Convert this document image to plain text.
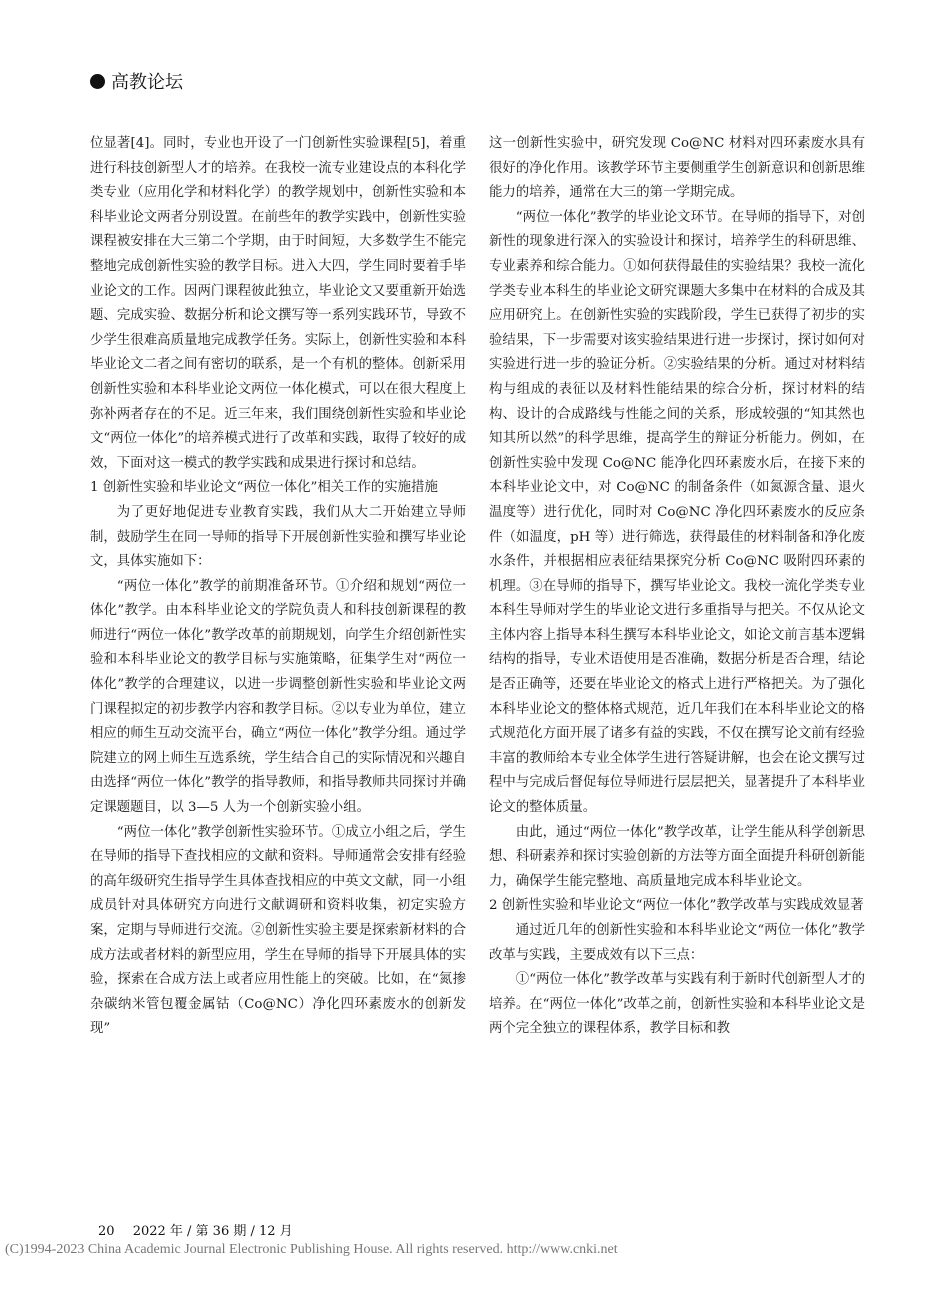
高教论坛

位显著[4]。同时，专业也开设了一门创新性实验课程[5]，着重进行科技创新型人才的培养。在我校一流专业建设点的本科化学类专业（应用化学和材料化学）的教学规划中，创新性实验和本科毕业论文两者分别设置。在前些年的教学实践中，创新性实验课程被安排在大三第二个学期，由于时间短，大多数学生不能完整地完成创新性实验的教学目标。进入大四，学生同时要着手毕业论文的工作。因两门课程彼此独立，毕业论文又要重新开始选题、完成实验、数据分析和论文撰写等一系列实践环节，导致不少学生很难高质量地完成教学任务。实际上，创新性实验和本科毕业论文二者之间有密切的联系，是一个有机的整体。创新采用创新性实验和本科毕业论文两位一体化模式，可以在很大程度上弥补两者存在的不足。近三年来，我们围绕创新性实验和毕业论文“两位一体化”的培养模式进行了改革和实践，取得了较好的成效，下面对这一模式的教学实践和成果进行探讨和总结。

1 创新性实验和毕业论文“两位一体化”相关工作的实施措施

为了更好地促进专业教育实践，我们从大二开始建立导师制，鼓励学生在同一导师的指导下开展创新性实验和撰写毕业论文，具体实施如下：

“两位一体化”教学的前期准备环节。①介绍和规划“两位一体化”教学。由本科毕业论文的学院负责人和科技创新课程的教师进行“两位一体化”教学改革的前期规划，向学生介绍创新性实验和本科毕业论文的教学目标与实施策略，征集学生对“两位一体化”教学的合理建议，以进一步调整创新性实验和毕业论文两门课程拟定的初步教学内容和教学目标。②以专业为单位，建立相应的师生互动交流平台，确立“两位一体化”教学分组。通过学院建立的网上师生互选系统，学生结合自己的实际情况和兴趣自由选择“两位一体化”教学的指导教师，和指导教师共同探讨并确定课题题目，以 3—5 人为一个创新实验小组。

“两位一体化”教学创新性实验环节。①成立小组之后，学生在导师的指导下查找相应的文献和资料。导师通常会安排有经验的高年级研究生指导学生具体查找相应的中英文文献，同一小组成员针对具体研究方向进行文献调研和资料收集，初定实验方案，定期与导师进行交流。②创新性实验主要是探索新材料的合成方法或者材料的新型应用，学生在导师的指导下开展具体的实验，探索在合成方法上或者应用性能上的突破。比如，在“氮掺杂碳纳米管包覆金属钴（Co@NC）净化四环素废水的创新发现”

这一创新性实验中，研究发现 Co@NC 材料对四环素废水具有很好的净化作用。该教学环节主要侧重学生创新意识和创新思维能力的培养，通常在大三的第一学期完成。

“两位一体化”教学的毕业论文环节。在导师的指导下，对创新性的现象进行深入的实验设计和探讨，培养学生的科研思维、专业素养和综合能力。①如何获得最佳的实验结果？我校一流化学类专业本科生的毕业论文研究课题大多集中在材料的合成及其应用研究上。在创新性实验的实践阶段，学生已获得了初步的实验结果，下一步需要对该实验结果进行进一步探讨，探讨如何对实验进行进一步的验证分析。②实验结果的分析。通过对材料结构与组成的表征以及材料性能结果的综合分析，探讨材料的结构、设计的合成路线与性能之间的关系，形成较强的“知其然也知其所以然”的科学思维，提高学生的辩证分析能力。例如，在创新性实验中发现 Co@NC 能净化四环素废水后，在接下来的本科毕业论文中，对 Co@NC 的制备条件（如氮源含量、退火温度等）进行优化，同时对 Co@NC 净化四环素废水的反应条件（如温度，pH 等）进行筛选，获得最佳的材料制备和净化废水条件，并根据相应表征结果探究分析 Co@NC 吸附四环素的机理。③在导师的指导下，撰写毕业论文。我校一流化学类专业本科生导师对学生的毕业论文进行多重指导与把关。不仅从论文主体内容上指导本科生撰写本科毕业论文，如论文前言基本逻辑结构的指导，专业术语使用是否准确，数据分析是否合理，结论是否正确等，还要在毕业论文的格式上进行严格把关。为了强化本科毕业论文的整体格式规范，近几年我们在本科毕业论文的格式规范化方面开展了诸多有益的实践，不仅在撰写论文前有经验丰富的教师给本专业全体学生进行答疑讲解，也会在论文撰写过程中与完成后督促每位导师进行层层把关，显著提升了本科毕业论文的整体质量。

由此，通过“两位一体化”教学改革，让学生能从科学创新思想、科研素养和探讨实验创新的方法等方面全面提升科研创新能力，确保学生能完整地、高质量地完成本科毕业论文。

2 创新性实验和毕业论文“两位一体化”教学改革与实践成效显著

通过近几年的创新性实验和本科毕业论文“两位一体化”教学改革与实践，主要成效有以下三点：

①“两位一体化”教学改革与实践有利于新时代创新型人才的培养。在“两位一体化”改革之前，创新性实验和本科毕业论文是两个完全独立的课程体系，教学目标和教

20 2022 年 / 第 36 期 / 12 月
(C)1994-2023 China Academic Journal Electronic Publishing House. All rights reserved. http://www.cnki.net
